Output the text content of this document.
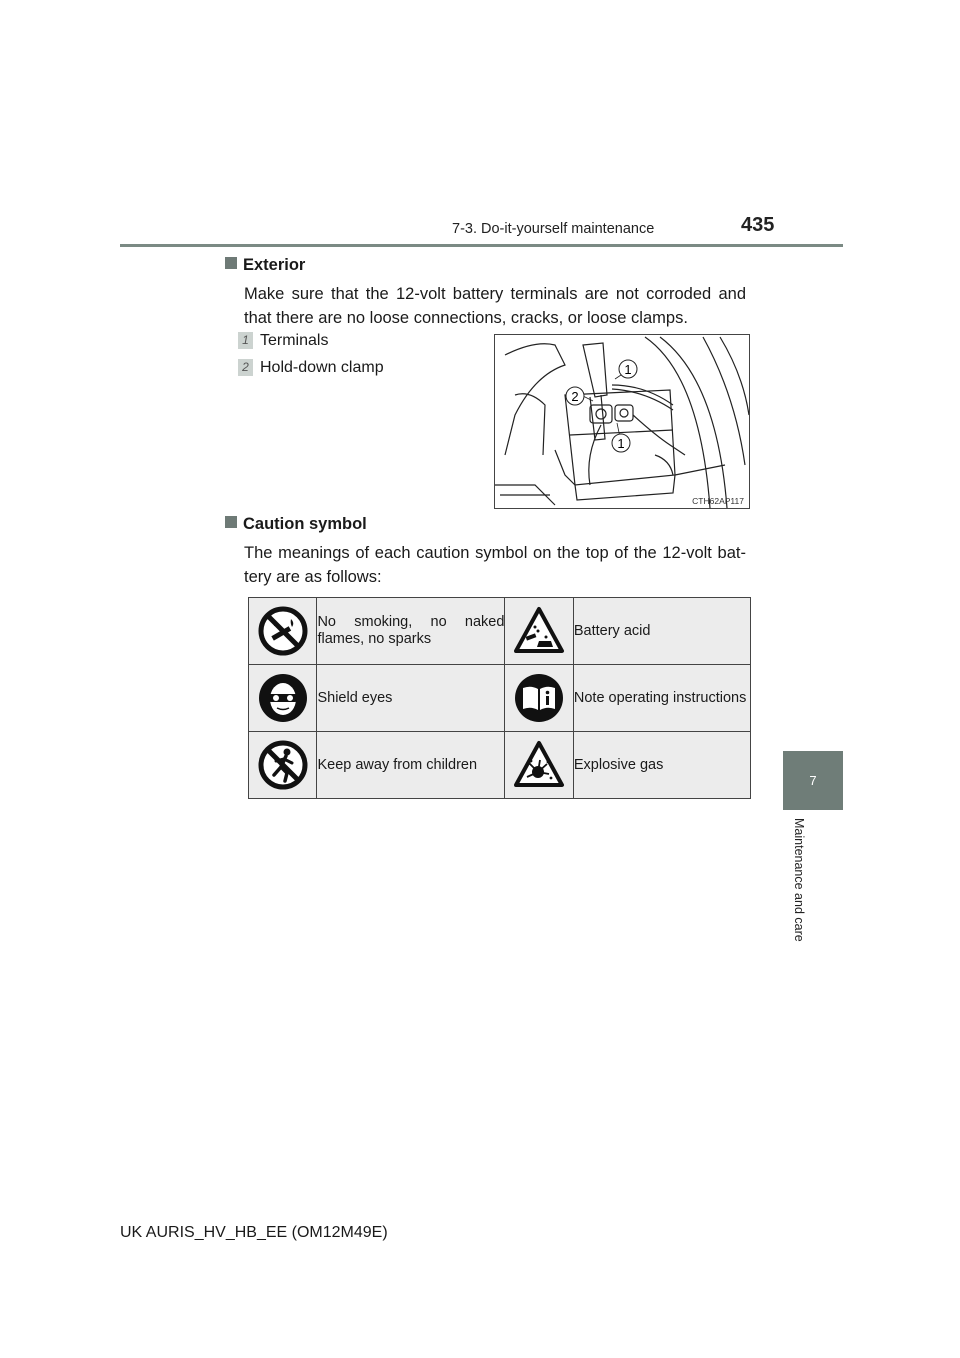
7-3. Do-it-yourself maintenance	435
7
Maintenance and care
Exterior
Make sure that the 12-volt battery terminals are not corroded and that there are no loose connections, cracks, or loose clamps.
1 Terminals
2 Hold-down clamp	1
2
1
CTH62AP117
Caution symbol
The meanings of each caution symbol on the top of the 12-volt bat- tery are as follows:
	No smoking, no naked flames, no sparks		Battery acid

	Shield eyes		Note operating instructions

	Keep away from children		Explosive gas
UK AURIS_HV_HB_EE (OM12M49E)
